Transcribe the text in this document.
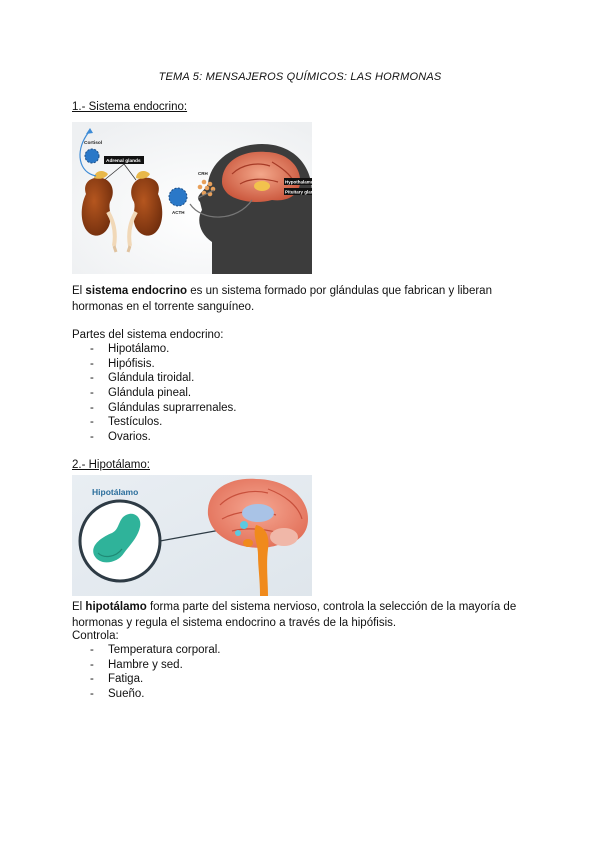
TEMA 5: MENSAJEROS QUÍMICOS: LAS HORMONAS
1.- Sistema endocrino:
Hypothalamus
Pituitary gland
CRH
ACTH
Adrenal glands
Cortisol
El sistema endocrino es un sistema formado por glándulas que fabrican y liberan hormonas en el torrente sanguíneo.
Partes del sistema endocrino:
- Hipotálamo.
- Hipófisis.
- Glándula tiroidal.
- Glándula pineal.
- Glándulas suprarrenales.
- Testículos.
- Ovarios.
2.- Hipotálamo:
Hipotálamo
El hipotálamo forma parte del sistema nervioso, controla la selección de la mayoría de hormonas y regula el sistema endocrino a través de la hipófisis.
Controla:
- Temperatura corporal.
- Hambre y sed.
- Fatiga.
- Sueño.
